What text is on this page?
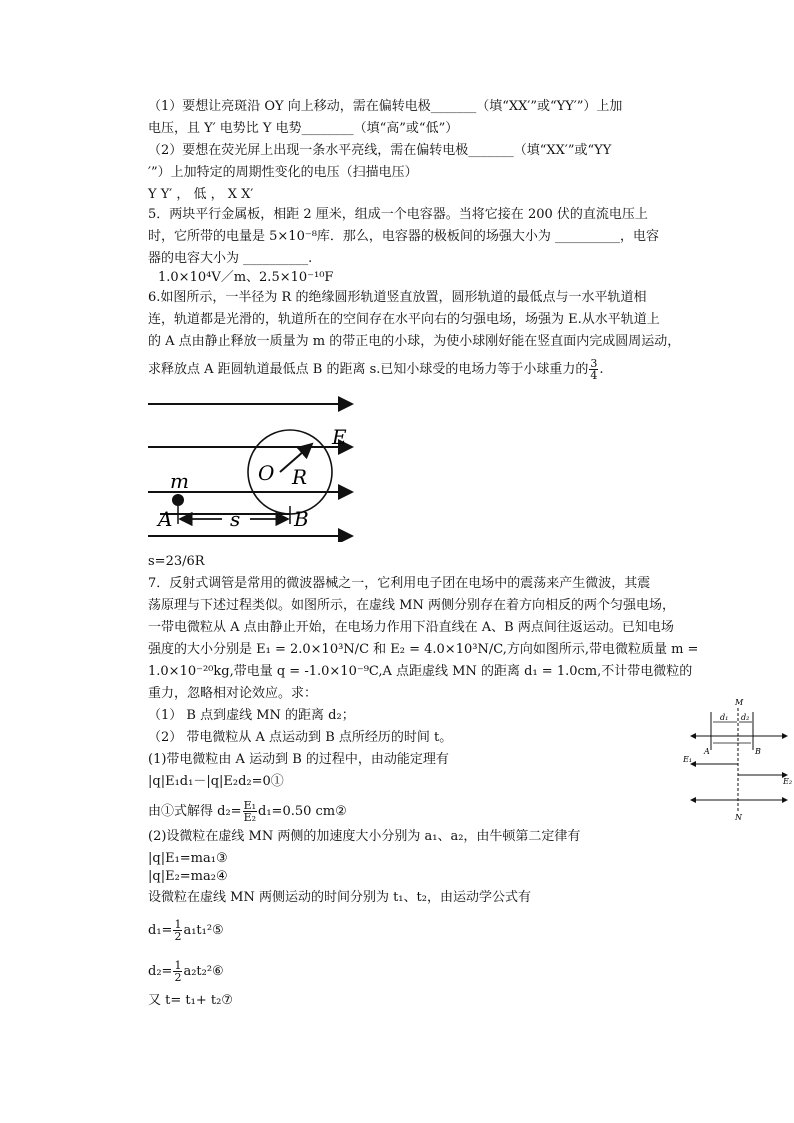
（1）要想让亮斑沿 OY 向上移动，需在偏转电极_______（填“XX′”或“YY′”）上加
电压，且 Y′ 电势比 Y 电势________（填“高”或“低”）
（2）要想在荧光屏上出现一条水平亮线，需在偏转电极_______（填“XX′”或“YY
′”）上加特定的周期性变化的电压（扫描电压）
Y Y′ ， 低 ， X X′
5．两块平行金属板，相距 2 厘米，组成一个电容器。当将它接在 200 伏的直流电压上
时，它所带的电量是 5×10⁻⁸库．那么，电容器的极板间的场强大小为 __________，电容
器的电容大小为 __________.
1.0×10⁴V／m、2.5×10⁻¹⁰F
6.如图所示，一半径为 R 的绝缘圆形轨道竖直放置，圆形轨道的最低点与一水平轨道相
连，轨道都是光滑的，轨道所在的空间存在水平向右的匀强电场，场强为 E.从水平轨道上
的 A 点由静止释放一质量为 m 的带正电的小球，为使小球刚好能在竖直面内完成圆周运动，
求释放点 A 距圆轨道最低点 B 的距离 s.已知小球受的电场力等于小球重力的 $\frac{3}{4}$ .
O R
E
m
A	B
s
s=23/6R
7．反射式调管是常用的微波器械之一，它利用电子团在电场中的震荡来产生微波，其震
荡原理与下述过程类似。如图所示，在虚线 MN 两侧分别存在着方向相反的两个匀强电场，
一带电微粒从 A 点由静止开始，在电场力作用下沿直线在 A、B 两点间往返运动。已知电场
强度的大小分别是 E₁ = 2.0×10³N/C 和 E₂ = 4.0×10³N/C,方向如图所示,带电微粒质量 m =
1.0×10⁻²⁰kg,带电量 q = -1.0×10⁻⁹C,A 点距虚线 MN 的距离 d₁ = 1.0cm,不计带电微粒的
重力，忽略相对论效应。求：
（1） B 点到虚线 MN 的距离 d₂；
（2） 带电微粒从 A 点运动到 B 点所经历的时间 t。
(1)带电微粒由 A 运动到 B 的过程中，由动能定理有
|q|E₁d₁－|q|E₂d₂=0①
由①式解得 $d_2= \frac{\text{E₁}}{\text{E₂}} d_1=0.50$ cm②
(2)设微粒在虚线 MN 两侧的加速度大小分别为 a₁、a₂，由牛顿第二定律有
|q|E₁=ma₁③
|q|E₂=ma₂④
设微粒在虚线 MN 两侧运动的时间分别为 t₁、t₂，由运动学公式有
$d_1= \frac{1}{2}$ a₁t₁²⑤
$d_2= \frac{1}{2}$ a₂t₂²⑥
又 t= t₁+ t₂⑦
M
N
d₁ d₂
A	B
E₁
E₂
